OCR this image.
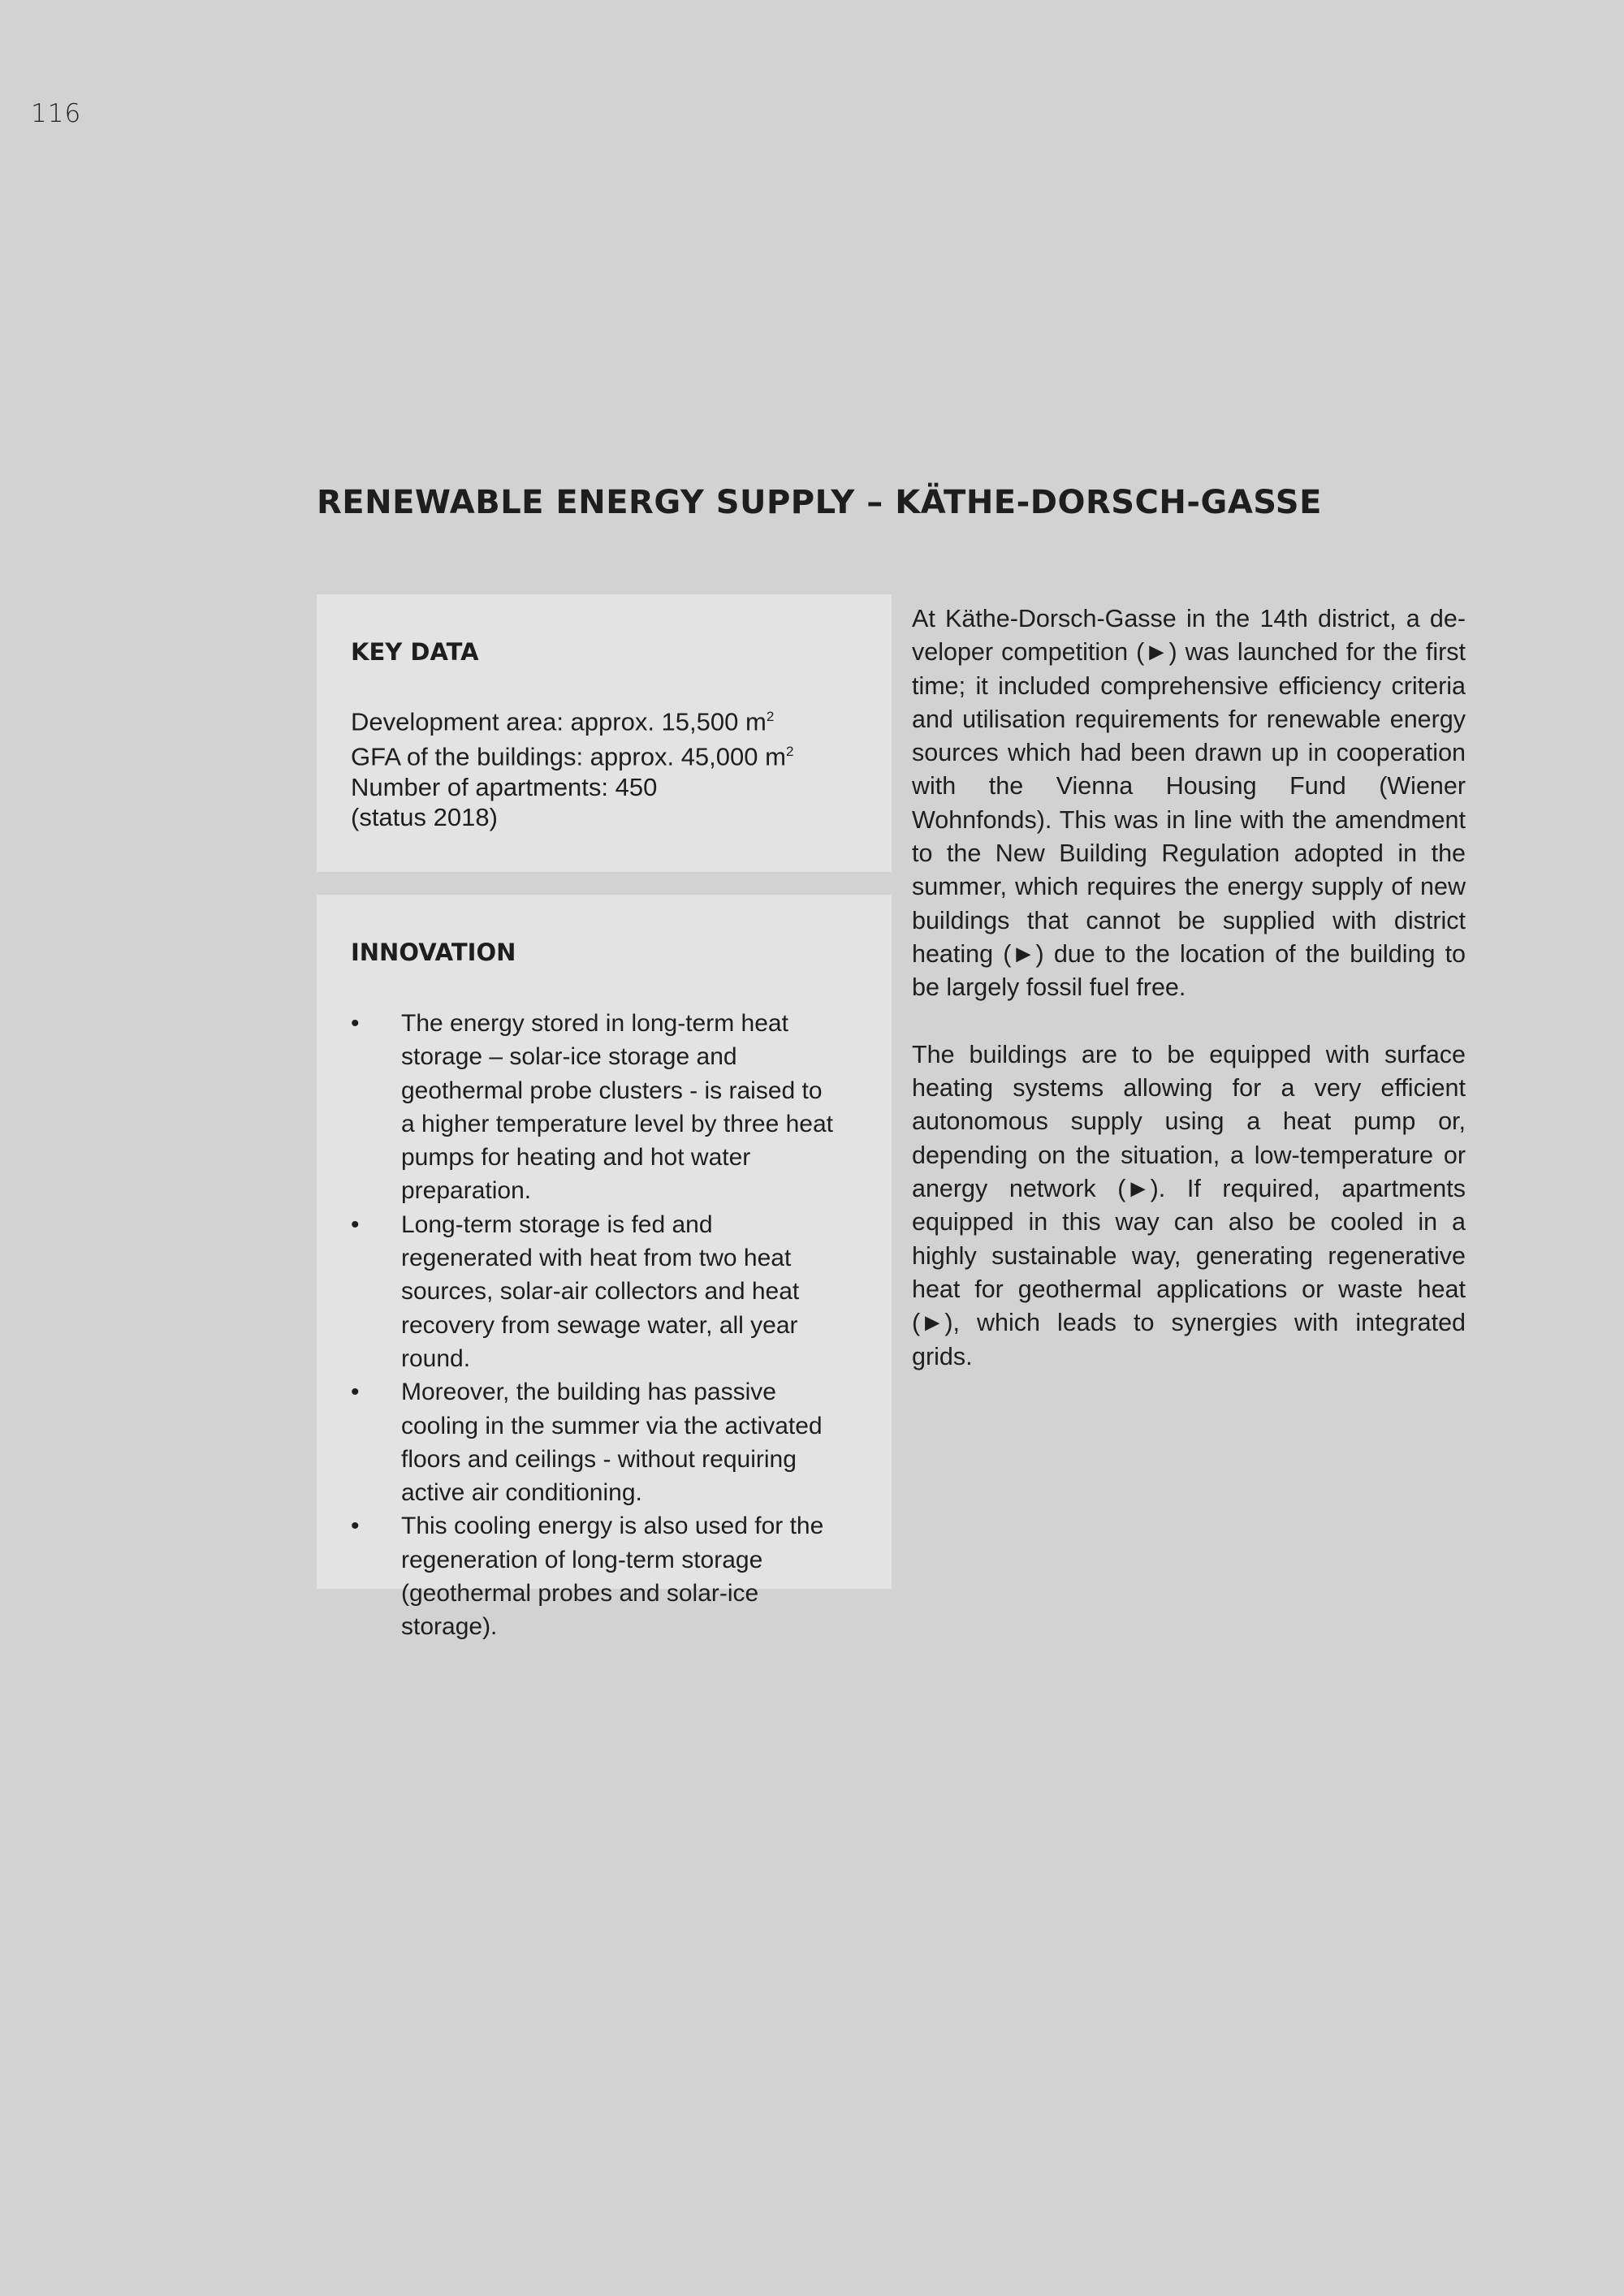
116
RENEWABLE ENERGY SUPPLY – KÄTHE-DORSCH-GASSE
KEY DATA
Development area: approx. 15,500 $m^2$
GFA of the buildings: approx. 45,000 $m^2$
Number of apartments: 450
(status 2018)
INNOVATION
• The energy stored in long-term heat storage – solar-ice storage and geothermal probe clusters - is raised to a higher temperature level by three heat pumps for heating and hot water preparation.
• Long-term storage is fed and regenerated with heat from two heat sources, solar-air collectors and heat recovery from sewage water, all year round.
• Moreover, the building has passive cooling in the summer via the activated floors and ceilings - without requiring active air conditioning.
• This cooling energy is also used for the regeneration of long-term storage (geothermal probes and solar-ice storage).

At Käthe-Dorsch-Gasse in the 14th district, a developer competition (►) was launched for the first time; it included comprehensive efficiency criteria and utilisation requirements for renewable energy sources which had been drawn up in cooperation with the Vienna Housing Fund (Wiener Wohnfonds). This was in line with the amendment to the New Building Regulation adopted in the summer, which requires the energy supply of new buildings that cannot be supplied with district heating (►) due to the location of the building to be largely fossil fuel free.

The buildings are to be equipped with surface heating systems allowing for a very efficient autonomous supply using a heat pump or, depending on the situation, a low-temperature or anergy network (►). If required, apartments equipped in this way can also be cooled in a highly sustainable way, generating regenerative heat for geothermal applications or waste heat (►), which leads to synergies with integrated grids.
